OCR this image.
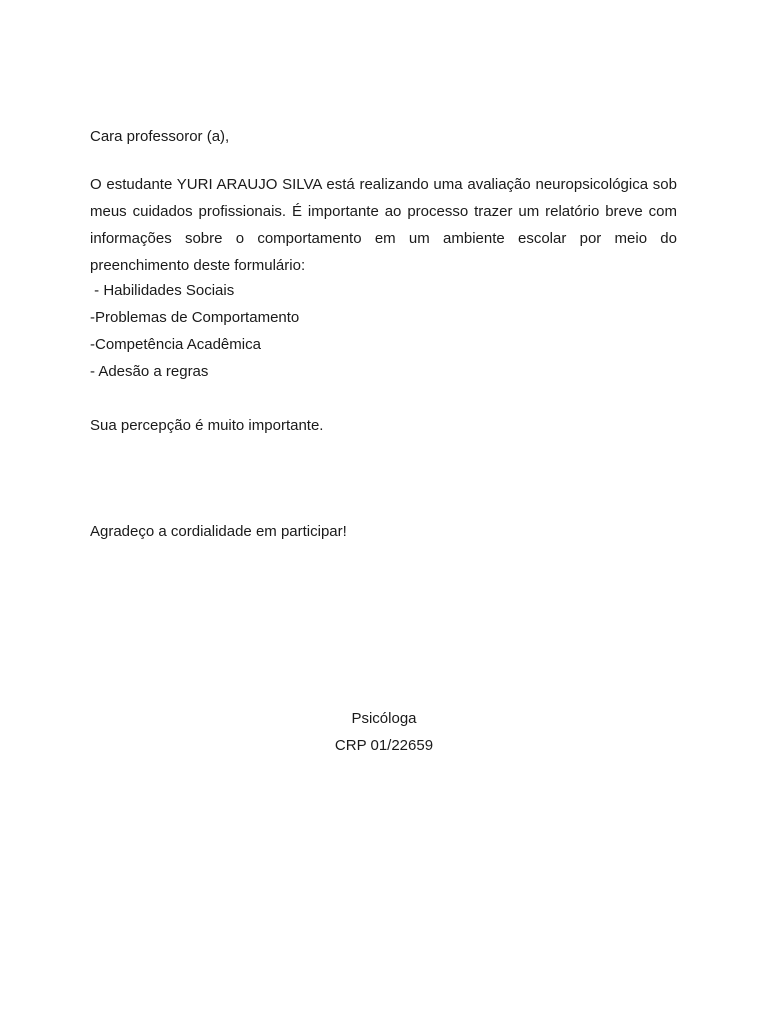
Cara professoror (a),

O estudante YURI ARAUJO SILVA está realizando uma avaliação neuropsicológica sob meus cuidados profissionais. É importante ao processo trazer um relatório breve com informações sobre o comportamento em um ambiente escolar por meio do preenchimento deste formulário:

- Habilidades Sociais
-Problemas de Comportamento
-Competência Acadêmica
- Adesão a regras

Sua percepção é muito importante.

Agradeço a cordialidade em participar!

Psicóloga

CRP 01/22659
